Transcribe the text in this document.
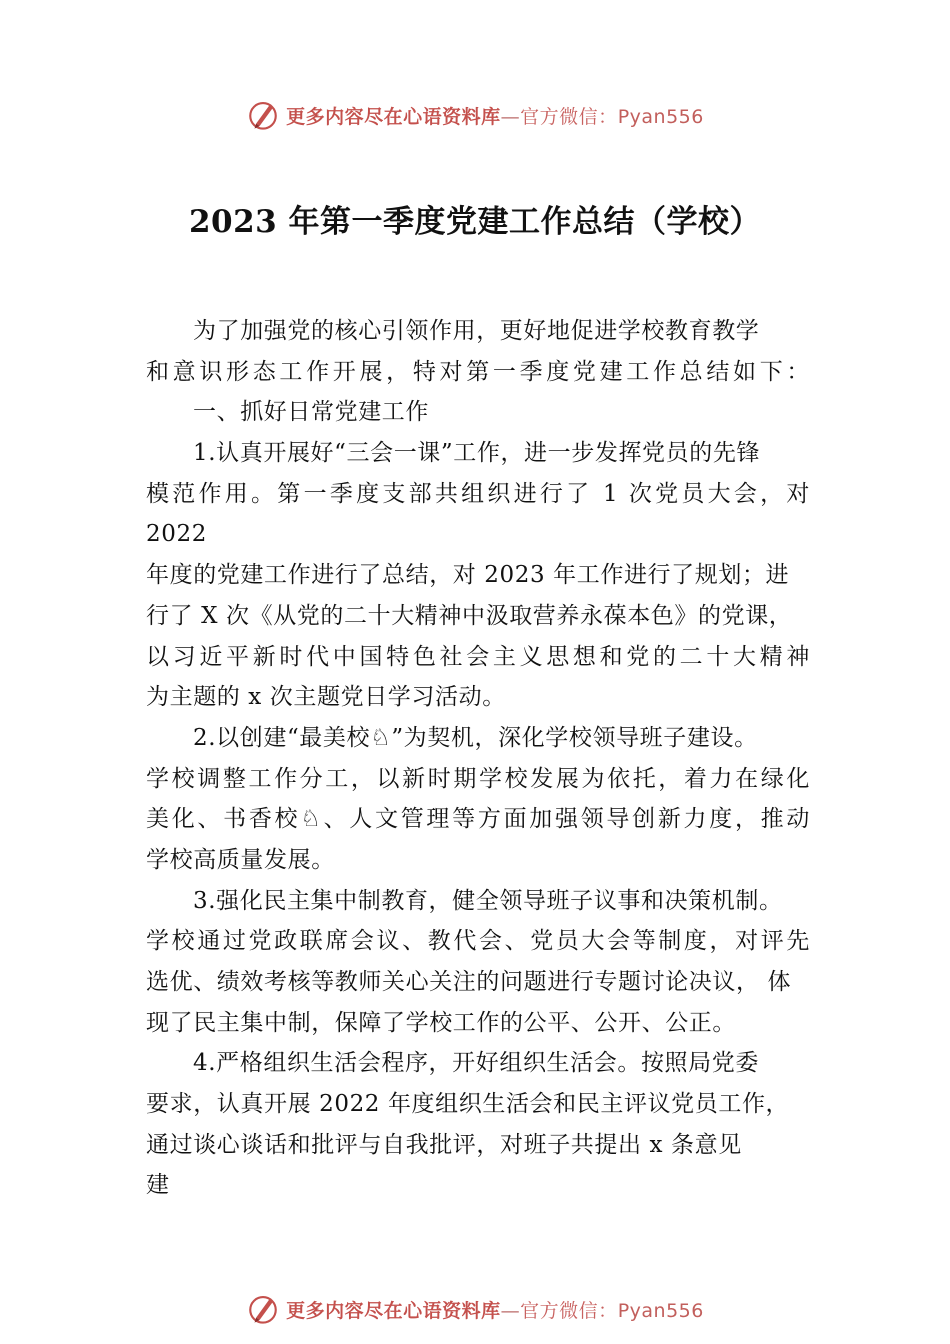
更多内容尽在心语资料库—官方微信：Pyan556
2023 年第一季度党建工作总结（学校）
为了加强党的核心引领作用，更好地促进学校教育教学
和意识形态工作开展，特对第一季度党建工作总结如下：
一、抓好日常党建工作
1.认真开展好“三会一课”工作，进一步发挥党员的先锋
模范作用。第一季度支部共组织进行了 1 次党员大会，对
2022
年度的党建工作进行了总结，对 2023 年工作进行了规划；进
行了 X 次《从党的二十大精神中汲取营养永葆本色》的党课，
以习近平新时代中国特色社会主义思想和党的二十大精神
为主题的 x 次主题党日学习活动。
2.以创建“最美校♘”为契机，深化学校领导班子建设。
学校调整工作分工，以新时期学校发展为依托，着力在绿化
美化、书香校♘、人文管理等方面加强领导创新力度，推动
学校高质量发展。
3.强化民主集中制教育，健全领导班子议事和决策机制。
学校通过党政联席会议、教代会、党员大会等制度，对评先
选优、绩效考核等教师关心关注的问题进行专题讨论决议， 体
现了民主集中制，保障了学校工作的公平、公开、公正。
4.严格组织生活会程序，开好组织生活会。按照局党委
要求，认真开展 2022 年度组织生活会和民主评议党员工作，
通过谈心谈话和批评与自我批评，对班子共提出 x 条意见
建
更多内容尽在心语资料库—官方微信：Pyan556
